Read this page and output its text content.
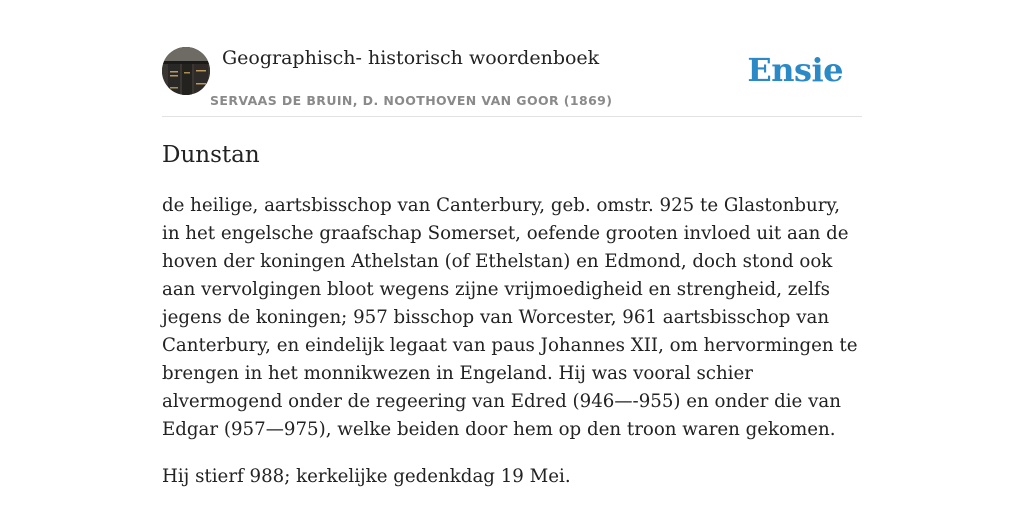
Geographisch- historisch woordenboek
SERVAAS DE BRUIN, D. NOOTHOVEN VAN GOOR (1869)
Ensie
Dunstan

de heilige, aartsbisschop van Canterbury, geb. omstr. 925 te Glastonbury, in het engelsche graafschap Somerset, oefende grooten invloed uit aan de hoven der koningen Athelstan (of Ethelstan) en Edmond, doch stond ook aan vervolgingen bloot wegens zijne vrijmoedigheid en strengheid, zelfs jegens de koningen; 957 bisschop van Worcester, 961 aartsbisschop van Canterbury, en eindelijk legaat van paus Johannes XII, om hervormingen te brengen in het monnikwezen in Engeland. Hij was vooral schier alvermogend onder de regeering van Edred (946—-955) en onder die van Edgar (957—975), welke beiden door hem op den troon waren gekomen.

Hij stierf 988; kerkelijke gedenkdag 19 Mei.
